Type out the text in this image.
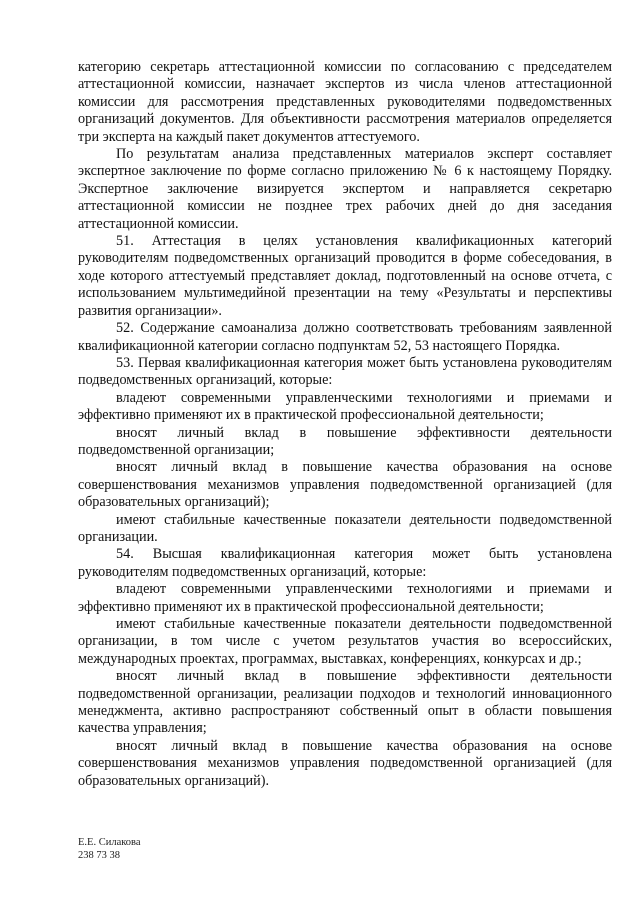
категорию секретарь аттестационной комиссии по согласованию с председателем аттестационной комиссии, назначает экспертов из числа членов аттестационной комиссии для рассмотрения представленных руководителями подведомственных организаций документов. Для объективности рассмотрения материалов определяется три эксперта на каждый пакет документов аттестуемого.

По результатам анализа представленных материалов эксперт составляет экспертное заключение по форме согласно приложению № 6 к настоящему Порядку. Экспертное заключение визируется экспертом и направляется секретарю аттестационной комиссии не позднее трех рабочих дней до дня заседания аттестационной комиссии.

51. Аттестация в целях установления квалификационных категорий руководителям подведомственных организаций проводится в форме собеседования, в ходе которого аттестуемый представляет доклад, подготовленный на основе отчета, с использованием мультимедийной презентации на тему «Результаты и перспективы развития организации».

52. Содержание самоанализа должно соответствовать требованиям заявленной квалификационной категории согласно подпунктам 52, 53 настоящего Порядка.

53. Первая квалификационная категория может быть установлена руководителям подведомственных организаций, которые:

владеют современными управленческими технологиями и приемами и эффективно применяют их в практической профессиональной деятельности;

вносят личный вклад в повышение эффективности деятельности подведомственной организации;

вносят личный вклад в повышение качества образования на основе совершенствования механизмов управления подведомственной организацией (для образовательных организаций);

имеют стабильные качественные показатели деятельности подведомственной организации.

54. Высшая квалификационная категория может быть установлена руководителям подведомственных организаций, которые:

владеют современными управленческими технологиями и приемами и эффективно применяют их в практической профессиональной деятельности;

имеют стабильные качественные показатели деятельности подведомственной организации, в том числе с учетом результатов участия во всероссийских, международных проектах, программах, выставках, конференциях, конкурсах и др.;

вносят личный вклад в повышение эффективности деятельности подведомственной организации, реализации подходов и технологий инновационного менеджмента, активно распространяют собственный опыт в области повышения качества управления;

вносят личный вклад в повышение качества образования на основе совершенствования механизмов управления подведомственной организацией (для образовательных организаций).

Е.Е. Силакова
238 73 38
